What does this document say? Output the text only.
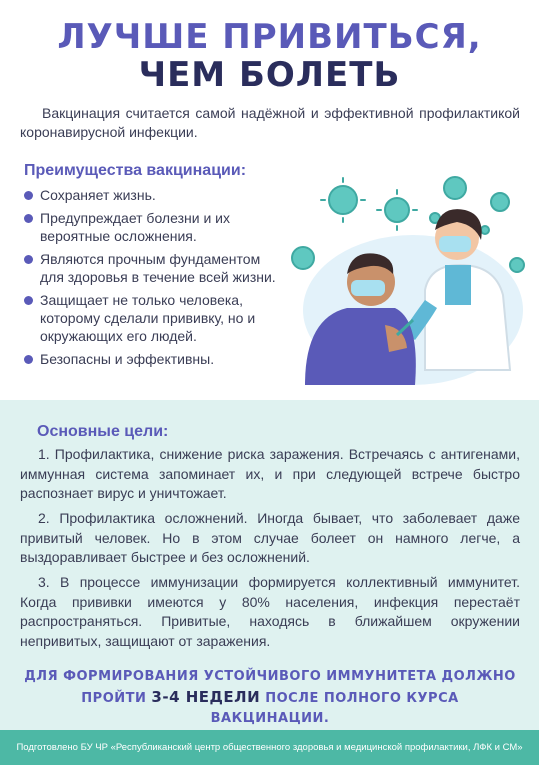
ЛУЧШЕ ПРИВИТЬСЯ,
ЧЕМ БОЛЕТЬ
Вакцинация считается самой надёжной и эффективной профилактикой коронавирусной инфекции.
Преимущества вакцинации:
Сохраняет жизнь.
Предупреждает болезни и их вероятные осложнения.
Являются прочным фундаментом для здоровья в течение всей жизни.
Защищает не только человека, которому сделали прививку, но и окружающих его людей.
Безопасны и эффективны.
Основные цели:
1. Профилактика, снижение риска заражения. Встречаясь с антигенами, иммунная система запоминает их, и при следующей встрече быстро распознает вирус и уничтожает.
2. Профилактика осложнений. Иногда бывает, что заболевает даже привитый человек. Но в этом случае болеет он намного легче, а выздоравливает быстрее и без осложнений.
3. В процессе иммунизации формируется коллективный иммунитет. Когда прививки имеются у 80% населения, инфекция перестаёт распространяться. Привитые, находясь в ближайшем окружении непривитых, защищают от заражения.
ДЛЯ ФОРМИРОВАНИЯ УСТОЙЧИВОГО ИММУНИТЕТА ДОЛЖНО ПРОЙТИ 3-4 НЕДЕЛИ ПОСЛЕ ПОЛНОГО КУРСА ВАКЦИНАЦИИ.
Подготовлено БУ ЧР «Республиканский центр общественного здоровья и медицинской профилактики, ЛФК и СМ»
